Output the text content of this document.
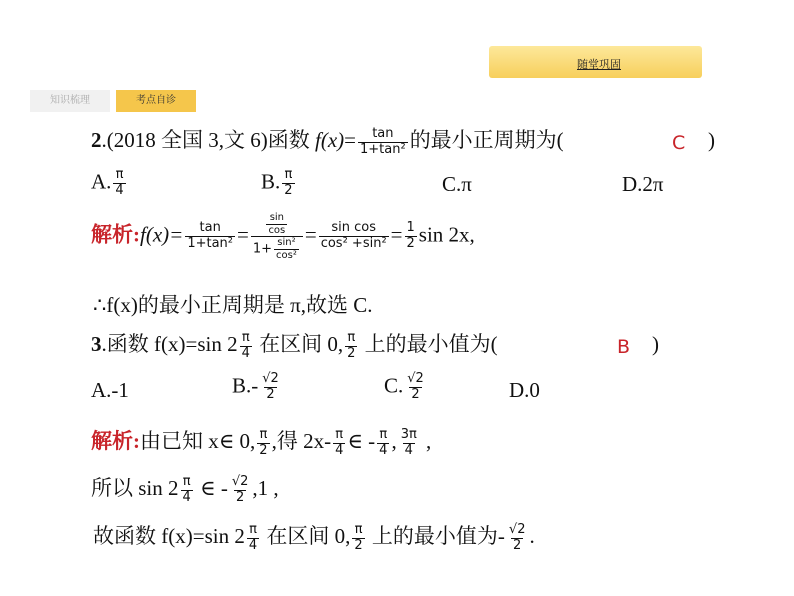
随堂巩固
知识梳理	考点自诊
2.(2018 全国 3,文 6)函数 $f(x)= \frac{\tan}{\text{1+tan²}}$ 的最小正周期为(	C )
A. $\frac{\pi}{4}$	B. $\frac{\pi}{2}$	C.π	D.2π
解析:f(x)= $\frac{\tan}{\text{1+tan²}} = \frac{\frac{\sin}{\cos}}{1+ \frac{\text{sin²}}{\text{cos²}}} = \frac{\text{sin cos}}{\text{cos² +sin²}} = \frac{1}{2}$ sin 2x,
∴f(x)的最小正周期是 π,故选 C.
3.函数 f(x)=sin $2 \frac{\pi}{4}$ 在区间 0, $\frac{\pi}{2}$ 上的最小值为(	B )
A.-1	$B.- \frac{√2}{2}$	C. $\frac{√2}{2}$	D.0
解析:由已知 x∈ 0, $\frac{\pi}{2}$ ,得 $2x- \frac{\pi}{4}$ ∈ - $\frac{\pi}{4}$ , $\frac{3\pi}{4}$ ,
所以 $\sin 2 \frac{\pi}{4}$ ∈ - $\frac{√2}{2} ,1$ ,
故函数 f(x)=sin $2 \frac{\pi}{4}$ 在区间 0, $\frac{\pi}{2}$ 上的最小值为- $\frac{√2}{2}$ .
